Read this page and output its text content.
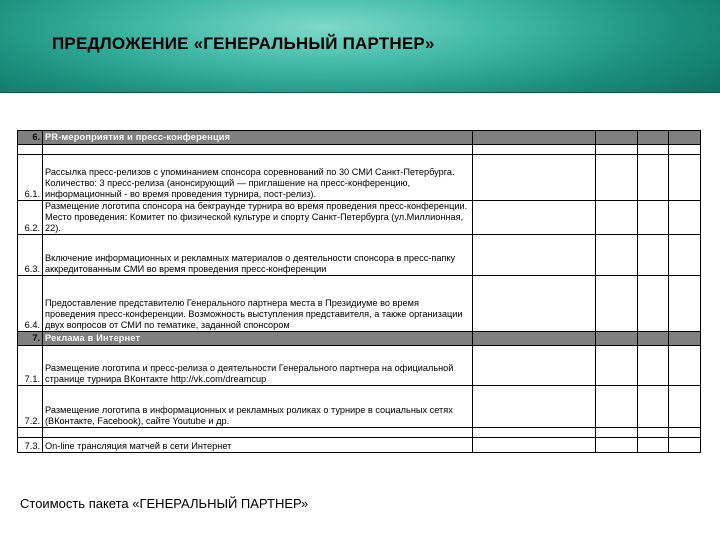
ПРЕДЛОЖЕНИЕ «ГЕНЕРАЛЬНЫЙ ПАРТНЕР»
6.	PR-мероприятия и пресс-конференция				

6.1.	Рассылка пресс-релизов с упоминанием спонсора соревнований по 30 СМИ Санкт-Петербурга. Количество: 3 пресс-релиза (анонсирующий — приглашение на пресс-конференцию, информационный - во время проведения турнира, пост-релиз).				
6.2.	Размещение логотипа спонсора на бекграунде турнира во время проведения пресс-конференции. Место проведения: Комитет по физической культуре и спорту Санкт-Петербурга (ул.Миллионная, 22).				
6.3.	Включение информационных и рекламных материалов о деятельности спонсора в пресс-папку аккредитованным СМИ во время проведения пресс-конференции				
6.4.	Предоставление представителю Генерального партнера места в Президиуме во время проведения пресс-конференции. Возможность выступления представителя, а также организации двух вопросов от СМИ по тематике, заданной спонсором				
7.	Реклама в Интернет				
7.1.	Размещение логотипа и пресс-релиза о деятельности Генерального партнера на официальной странице турнира ВКонтакте http://vk.com/dreamcup				
7.2.	Размещение логотипа в информационных и рекламных роликах о турнире в социальных сетях (ВКонтакте, Facebook), сайте Youtube и др.				

7.3.	On-line трансляция матчей в сети Интернет				
Стоимость пакета «ГЕНЕРАЛЬНЫЙ ПАРТНЕР»
